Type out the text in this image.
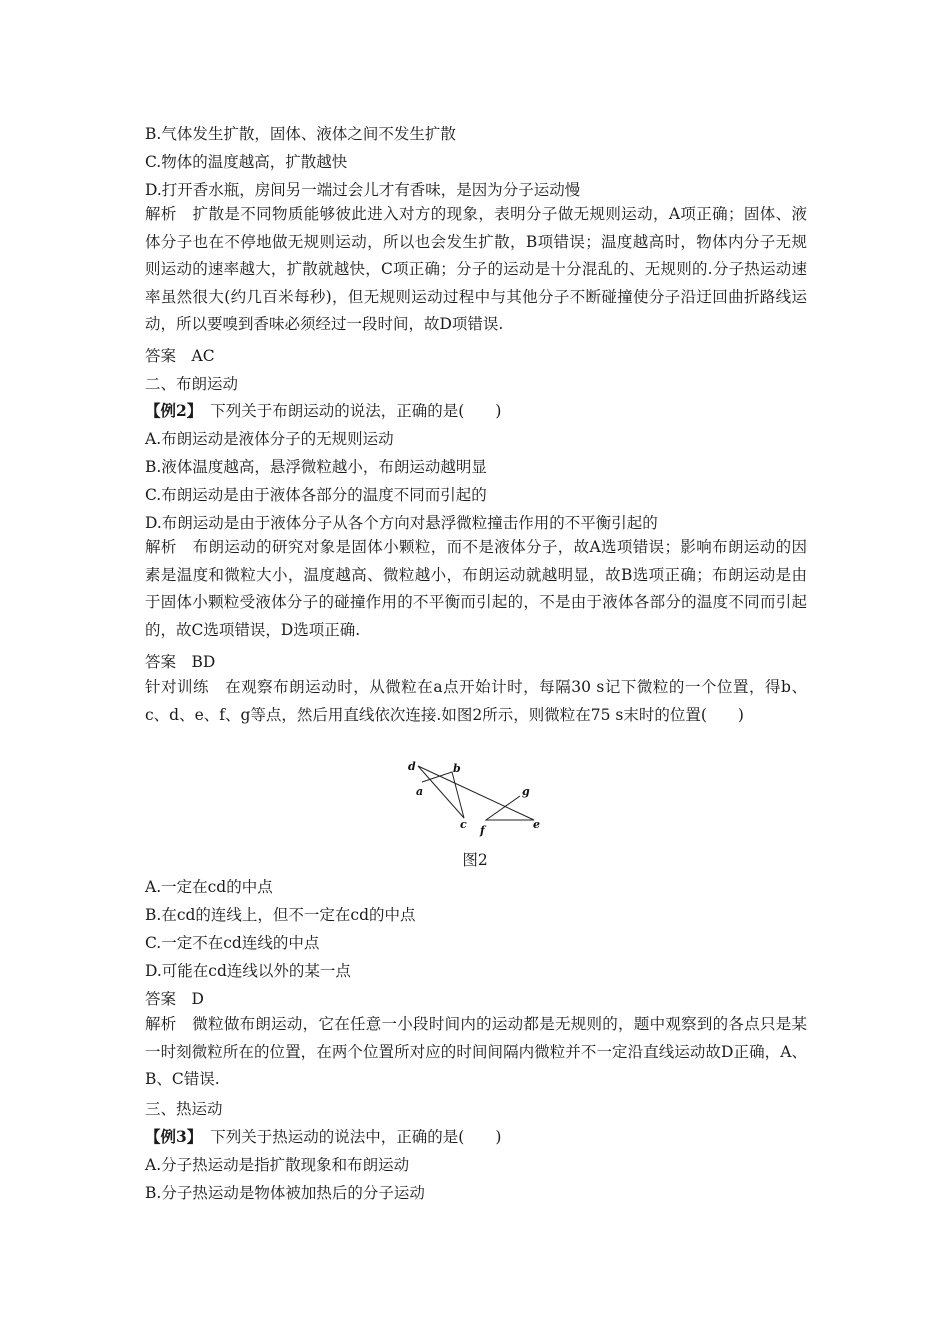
B.气体发生扩散，固体、液体之间不发生扩散
C.物体的温度越高，扩散越快
D.打开香水瓶，房间另一端过会儿才有香味，是因为分子运动慢
解析　扩散是不同物质能够彼此进入对方的现象，表明分子做无规则运动，A项正确；固体、液体分子也在不停地做无规则运动，所以也会发生扩散，B项错误；温度越高时，物体内分子无规则运动的速率越大，扩散就越快，C项正确；分子的运动是十分混乱的、无规则的.分子热运动速率虽然很大(约几百米每秒)，但无规则运动过程中与其他分子不断碰撞使分子沿迂回曲折路线运动，所以要嗅到香味必须经过一段时间，故D项错误.
答案　AC
二、布朗运动
【例2】 下列关于布朗运动的说法，正确的是(　　)
A.布朗运动是液体分子的无规则运动
B.液体温度越高，悬浮微粒越小，布朗运动越明显
C.布朗运动是由于液体各部分的温度不同而引起的
D.布朗运动是由于液体分子从各个方向对悬浮微粒撞击作用的不平衡引起的
解析　布朗运动的研究对象是固体小颗粒，而不是液体分子，故A选项错误；影响布朗运动的因素是温度和微粒大小，温度越高、微粒越小，布朗运动就越明显，故B选项正确；布朗运动是由于固体小颗粒受液体分子的碰撞作用的不平衡而引起的，不是由于液体各部分的温度不同而引起的，故C选项错误，D选项正确.
答案　BD
针对训练　在观察布朗运动时，从微粒在a点开始计时，每隔30 s记下微粒的一个位置，得b、c、d、e、f、g等点，然后用直线依次连接.如图2所示，则微粒在75 s末时的位置(　　)
d	b
a
c
g
f	e
图2
A.一定在cd的中点
B.在cd的连线上，但不一定在cd的中点
C.一定不在cd连线的中点
D.可能在cd连线以外的某一点
答案　D
解析　微粒做布朗运动，它在任意一小段时间内的运动都是无规则的，题中观察到的各点只是某一时刻微粒所在的位置，在两个位置所对应的时间间隔内微粒并不一定沿直线运动故D正确，A、B、C错误.
三、热运动
【例3】 下列关于热运动的说法中，正确的是(　　)
A.分子热运动是指扩散现象和布朗运动
B.分子热运动是物体被加热后的分子运动
